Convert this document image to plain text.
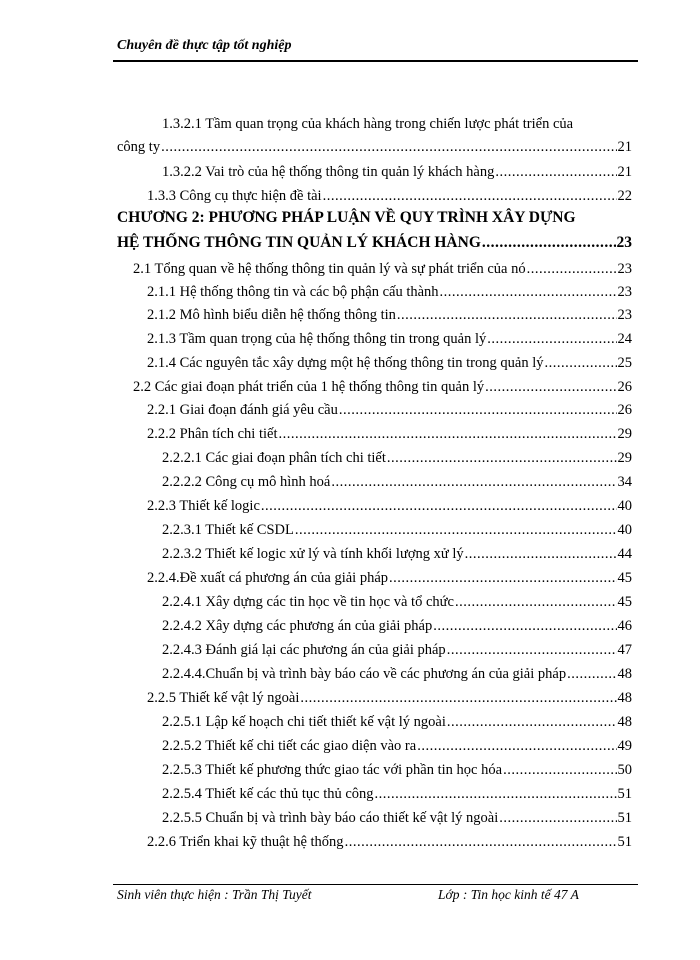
Chuyên đề thực tập tốt nghiệp
1.3.2.1 Tầm quan trọng của khách hàng trong chiến lược phát triển của
công ty .....	21
1.3.2.2 Vai trò của hệ thống thông tin quản lý khách hàng .....	21
1.3.3 Công cụ thực hiện đề tài .....	22
CHƯƠNG 2: PHƯƠNG PHÁP LUẬN VỀ QUY TRÌNH XÂY DỰNG
HỆ THỐNG THÔNG TIN QUẢN LÝ KHÁCH HÀNG .....	23
2.1 Tổng quan về hệ thống thông tin quản lý và sự phát triển của nó .....	23
2.1.1 Hệ thống thông tin và các bộ phận cấu thành .....	23
2.1.2 Mô hình biểu diễn hệ thống thông tin .....	23
2.1.3 Tầm quan trọng của hệ thống thông tin trong quản lý .....	24
2.1.4 Các nguyên tắc xây dựng một hệ thống thông tin trong quản lý .....	25
2.2 Các giai đoạn phát triển của 1 hệ thống thông tin quản lý .....	26
2.2.1 Giai đoạn đánh giá yêu cầu .....	26
2.2.2 Phân tích chi tiết .....	29
2.2.2.1 Các giai đoạn phân tích chi tiết .....	29
2.2.2.2 Công cụ mô hình hoá .....	34
2.2.3 Thiết kế logic .....	40
2.2.3.1 Thiết kế CSDL .....	40
2.2.3.2 Thiết kế logic xử lý và tính khối lượng xử lý .....	44
2.2.4.Đề xuất cá phương án của giải pháp .....	45
2.2.4.1 Xây dựng các tin học về tin học và tổ chức .....	45
2.2.4.2 Xây dựng các phương án của giải pháp .....	46
2.2.4.3 Đánh giá lại các phương án của giải pháp .....	47
2.2.4.4.Chuẩn bị và trình bày báo cáo về các phương án của giải pháp .....	48
2.2.5 Thiết kế vật lý ngoài .....	48
2.2.5.1 Lập kế hoạch chi tiết thiết kế vật lý ngoài .....	48
2.2.5.2 Thiết kế chi tiết các giao diện vào ra .....	49
2.2.5.3 Thiết kế phương thức giao tác với phần tin học hóa .....	50
2.2.5.4 Thiết kế các thủ tục thủ công .....	51
2.2.5.5 Chuẩn bị và trình bày báo cáo thiết kế vật lý ngoài .....	51
2.2.6 Triển khai kỹ thuật hệ thống .....	51
Sinh viên thực hiện : Trần Thị Tuyết	Lớp : Tin học kinh tế 47 A
